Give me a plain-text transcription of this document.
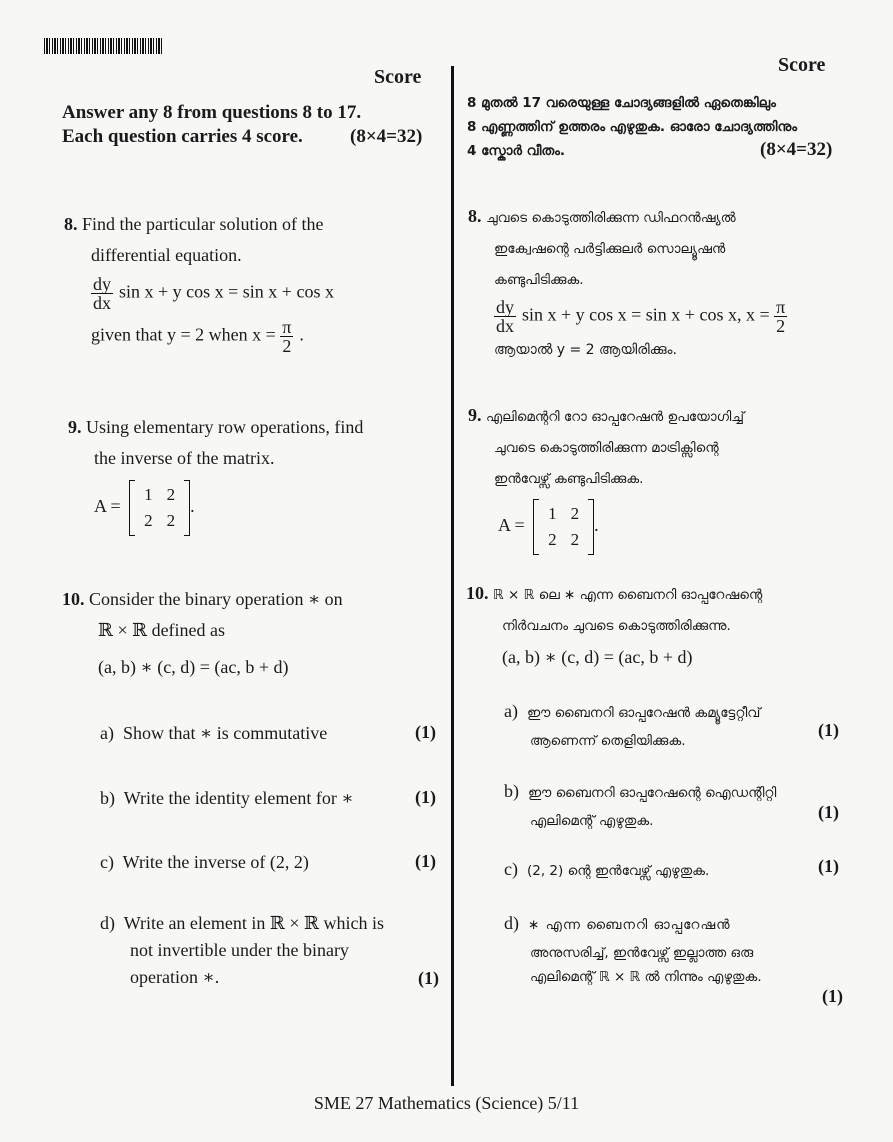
Score
Answer any 8 from questions 8 to 17.
Each question carries 4 score. (8×4=32)
8. Find the particular solution of the
differential equation.
$\frac{dy}{dx}$ sin x + y cos x = sin x + cos x
given that y = 2 when $x = \frac{\pi}{2}$ .
9. Using elementary row operations, find
the inverse of the matrix.
A =
1	2
2	2
.
10. Consider the binary operation ∗ on
ℝ × ℝ defined as
(a, b) ∗ (c, d) = (ac, b + d)
a) Show that ∗ is commutative	(1)
b) Write the identity element for ∗	(1)
c) Write the inverse of (2, 2)	(1)
d) Write an element in ℝ × ℝ which is
not invertible under the binary
operation ∗.	(1)
Score
8 മുതൽ 17 വരെയുള്ള ചോദ്യങ്ങളിൽ ഏതെങ്കിലും
8 എണ്ണത്തിന് ഉത്തരം എഴുതുക. ഓരോ ചോദ്യത്തിനും
4 സ്കോർ വീതം.	(8×4=32)
8. ചുവടെ കൊടുത്തിരിക്കുന്ന ഡിഫറൻഷ്യൽ
ഇക്വേഷന്റെ പർട്ടിക്കുലർ സൊല്യൂഷൻ
കണ്ടുപിടിക്കുക.
$\frac{dy}{dx}$ sin x + y cos x = sin x + cos x, $x = \frac{\pi}{2}$
ആയാൽ y = 2 ആയിരിക്കും.
9. എലിമെന്ററി റോ ഓപ്പറേഷൻ ഉപയോഗിച്ച്
ചുവടെ കൊടുത്തിരിക്കുന്ന മാട്രിക്സിന്റെ
ഇൻവേഴ്സ് കണ്ടുപിടിക്കുക.
A =
1	2
2	2
.
10. ℝ × ℝ ലെ ∗ എന്ന ബൈനറി ഓപ്പറേഷന്റെ
നിർവചനം ചുവടെ കൊടുത്തിരിക്കുന്നു.
(a, b) ∗ (c, d) = (ac, b + d)
a) ഈ ബൈനറി ഓപ്പറേഷൻ കമ്യൂട്ടേറ്റീവ്
ആണെന്ന് തെളിയിക്കുക.
(1)
b) ഈ ബൈനറി ഓപ്പറേഷന്റെ ഐഡന്റിറ്റി
എലിമെന്റ് എഴുതുക.	(1)
c) (2, 2) ന്റെ ഇൻവേഴ്സ് എഴുതുക.	(1)
d) ∗ എന്ന ബൈനറി ഓപ്പറേഷൻ
അനുസരിച്ച്, ഇൻവേഴ്സ് ഇല്ലാത്ത ഒരു
എലിമെന്റ് ℝ × ℝ ൽ നിന്നും എഴുതുക.
(1)
SME 27 Mathematics (Science) 5/11
